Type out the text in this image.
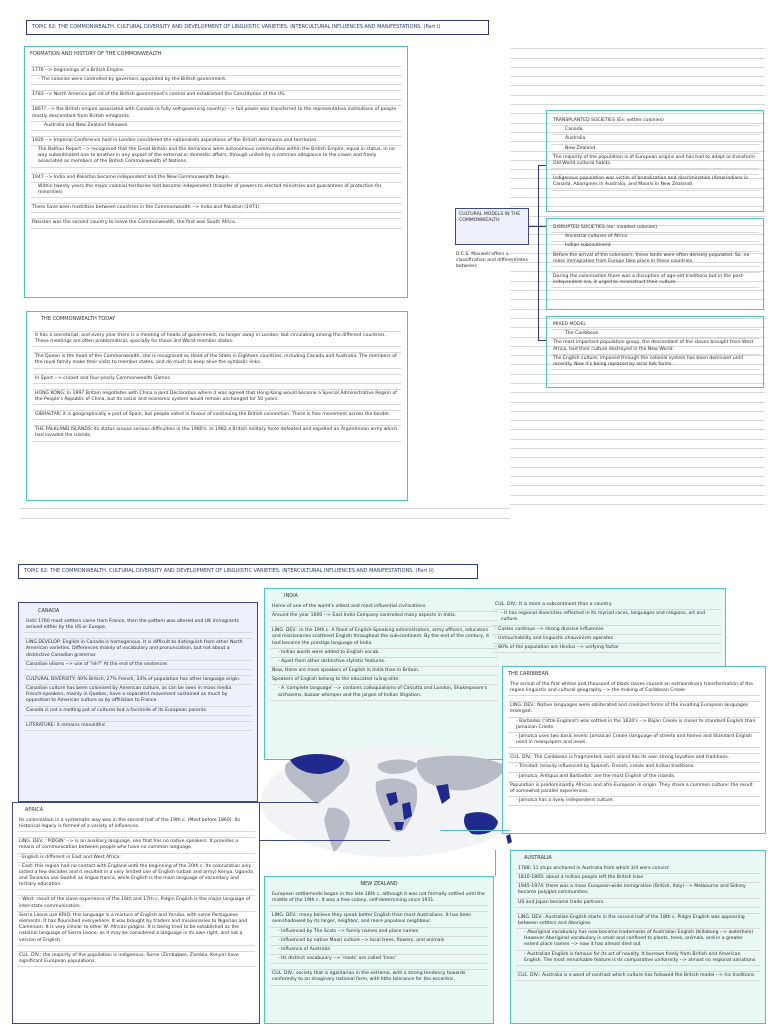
TOPIC 62: THE COMMONWEALTH. CULTURAL DIVERSITY AND DEVELOPMENT OF LINGUISTIC VARIETIES. INTERCULTURAL INFLUENCES AND MANIFESTATIONS. (Part I)
FORMATION AND HISTORY OF THE COMMONWEALTH
1776 --> beginnings of a British Empire.
- The colonies were controlled by governors appointed by the British government.
1783 --> North America got rid of the British government's control and established the Constitution of the US.
1867? --> the British empire associated with Canada (a fully self-governing country) --> full power was transferred to the representative institutions of people mostly descendant from British emigrants.
Australia and New Zealand followed.
1926 --> Imperial Conference held in London considered the nationalists aspirations of the British dominions and territories.
The Balfour Report --> recognised that the Great Britain and the dominions were autonomous communities within the British Empire, equal in status, in no way subordinated one to another in any aspect of the external or domestic affairs, through united by a common allegiance to the crown and freely associated as members of the British Commonwealth of Nations.
1947 --> India and Pakistan become independent and the New Commonwealth begin.
Within twenty years the major colonial territories had become independent (transfer of powers to elected ministries and guarantees of protection for minorities)
There have been hostilities between countries in the Commonwealth --> India and Pakistan (1971)
Pakistan was the second country to leave the Commonwealth, the first was South Africa.
THE COMMONWEALTH TODAY
It has a secretariat, and every year there is a meeting of heads of government, no longer away in London, but circulating among the different countries. These meetings are often problematical, specially for those 3rd World member states.
The Queen is the head of the Commonwealth, she is recognised as Head of the State in Eighteen countries, including Canada and Australia. The members of the royal family make their visits to member states, and do much to keep alive the symbolic links.
In Sport --> cricket and four-yearly Commonwealth Games
HONG KONG: In 1997 Britain negotiates with China a Joint Declaration where it was agreed that Hong Kong would become a Special Administrative Region of the People's Republic of China, but its social and economic system would remain unchanged for 50 years.
GIBRALTAR: it is geographically a part of Spain, but people voted in favour of continuing the British connection. There is free movement across the border.
THE FALKLAND ISLANDS: its status arouse serious difficulties in the 1980's. In 1982 a British military force defeated and expelled an Argentinean army which had invaded the islands.
CULTURAL MODELS IN THE COMMONWEALTH
D.E.S. Maxwell offers a classification and differentiates between:
TRANSPLANTED SOCIETIES (Ex: settler colonies)
Canada
Australia
New Zealand
The majority of the population is of European origins and has had to adapt or transform Old World cultural habits.
Indigenous population was victim of brutalization and discrimination (Amerindians in Canada, Aborigines in Australia, and Maoris in New Zealand)
DISRUPTED SOCIETIES (ex: invaded colonies)
Ancestral cultures of Africa
Indian subcontinent
Before the arrival of the colonisers, these lands were often densely populated. So, no mass immigration from Europe take place in these countries.
During the colonisation there was a disruption of age-old traditions but in the post-independent era, it urged to reconstruct their culture.
MIXED MODEL
The Caribbean
The most important population group, the descendant of the slaves brought from West Africa, had their culture destroyed in the New World.
The English culture, imposed through the colonial system has been dominant until recently. Now it's being replaced by local folk forms.
TOPIC 62: THE COMMONWEALTH. CULTURAL DIVERSITY AND DEVELOPMENT OF LINGUISTIC VARIETIES. INTERCULTURAL INFLUENCES AND MANIFESTATIONS. (Part II)
CANADA
Until 1760 most settlers came from France, then the pattern was altered and UK immigrants arrived either by the US or Europe.
LING.DEVELOP: English in Canada is homogenous. It is difficult to distinguish from other North American varieties. Differences mainly of vocabulary and pronunciation, but not about a distinctive Canadian grammar.
Canadian idioms --> use of "eh?" At the end of the sentences
CULTURAL DIVERSITY: 40% British, 27% French, 33% of population has other language origin.
Canadian culture has been colonised by American culture, as can be seen in mass media. French-speakers, mainly in Quebec, have a separatist movement sustained as much by opposition to American culture as by affiliation to France.
Canada is not a melting pot of cultures but a facsimile of its European parents.
LITERATURE: it remains monolithic
INDIA
Home of one of the world's oldest and most influential civilisations.
Around the year 1600 --> East India Company controlled many aspects in India.
LING. DEV.: In the 19th c. A flood of English-Speaking administrators, army officers, educators and missionaries scattered English throughout the sub-continent. By the end of the century, it had become the prestige language of India.
- Indian words were added to English vocab.
- Apart from other distinctive stylistic features.
Now, there are more speakers of English in India than in Britain.
Speakers of English belong to the educated ruling elite.
- A 'complete language' --> contains colloquialisms of Calcutta and London, Shakespeare's archaisms, bazaar whimper and the jargon of Indian litigation.
CUL. DIV.: It is more a subcontinent than a country.
- It has regional diversities reflected in its myriad races, languages and religions, art and culture.
- Castes continue --> strong divisive influences
- Untouchability and linguistic chauvinism operates
- 80% of the population are Hindus --> unifying factor
THE CARIBBEAN
The arrival of the first whites and thousand of black slaves caused an extraordinary transformation of the region linguistic and cultural geography --> the making of Caribbean Creole
LING. DEV.: Native languages were obliterated and creolized forms of the invading European languages emerged.
- Barbados ('little England') was settled in the 1620's --> Bajan Creole is closer to standard English than Jamaican Creole
- Jamaica uses two basic levels: Jamaican Creole (language of streets and home) and Standard English used in newspapers and news.
CUL. DIV.: The Caribbean is fragmented, each island has its own strong loyalties and traditions.
- Trinidad: heavily influenced by Spanish, French, creole and Indian traditions.
- Jamaica, Antigua and Barbados: are the most English of the islands.
Population is predominantly African and afro-European in origin. They share a common culture: the result of somewhat parallel experiences.
- Jamaica has a lively independent culture.
AFRICA
Its colonization in a systematic way was in the second half of the 19th c. (Most before 1860). Its historical legacy is formed of a variety of influences.
LING. DEV.: 'PIDGIN' --> is an auxiliary language, one that has no native speakers. It provides a means of communication between people who have no common language.
- English is different in East and West Africa:
- East: this region had no contact with England until the beginning of the 20th c. Its colonization only lasted a few decades and it resulted in a very limited use of English (urban and army) Kenya, Uganda and Tanzania use Swahili as lingua franca, while English is the main language of secondary and tertiary education.
- West: result of the slave experience of the 16th and 17th c. Pidgin English is the major language of inter-state communication.
Sierra Leone use KRIO: this language is a mixture of English and Yoruba, with some Portuguese elements. It has flourished everywhere. It was brought by traders and missionaries to Nigerian and Cameroon. It is very similar to other W. African pidgins. It is being tried to be established as the national language of Sierra Leone, as it may be considered a language in its own right, and not a version of English.
CUL. DIV.: the majority of the population is indigenous. Some (Zimbabwe, Zambia, Kenya) have significant European populations.
NEW ZEALAND
European settlements began in the late 18th c, although it was not formally settled until the middle of the 19th c. It was a free colony, self-determining since 1931.
LING. DEV.: many believe they speak better English than most Australians. It has been overshadowed by its larger, neighbor, and more populous neighbour.
- Influenced by The Scots --> family names and place names
- Influenced by native Maori culture --> local trees, flowers, and animals
- Influence of Australia
- Its distinct vocabulary --> 'roads' are called 'lines'
CUL. DIV.: society that is egalitarian in the extreme, with a strong tendency towards conformity to an imaginary national form, with little tolerance for the eccentric.
AUSTRALIA
1788: 11 ships anchored in Australia from which 3/4 were convict
1810-1865: about a million people left the British Isles
1945-1974: there was a mass European-wide immigration (British, Italy) --> Melbourne and Sidney became polyglot communities.
US and Japan became trade partners.
LING. DEV.: Australian English starts in the second half of the 18th c. Pidgin English was appearing between settlers and Aborigine.
- Aboriginal vocabulary has now become trademarks of Australian English (billabong --> waterhole) However Aboriginal vocabulary is small and confined to plants, trees, animals, and in a greater extent place names --> now it has almost died out
- Australian English is famous for its art of novelty. It borrows freely from British and American English. The most remarkable feature is its comparative uniformity --> almost no regional variations
CUL. DIV.: Australia is a word of contrast which culture has followed the British model --> his traditions
